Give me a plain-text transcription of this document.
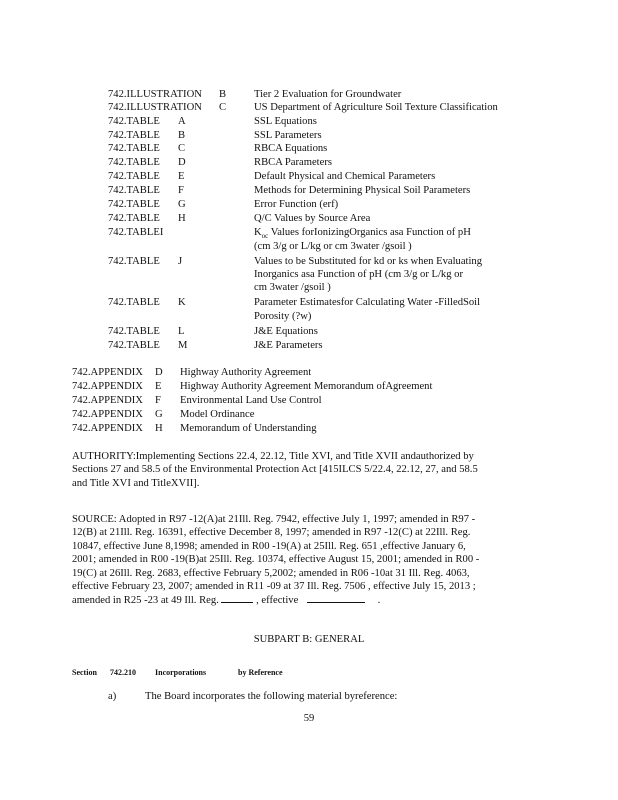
742.ILLUSTRATION B	Tier 2 Evaluation for Groundwater
742.ILLUSTRATION C	US Department of Agriculture Soil Texture Classification
742.TABLE A	SSL Equations
742.TABLE B	SSL Parameters
742.TABLE C	RBCA Equations
742.TABLE D	RBCA Parameters
742.TABLE E	Default Physical and Chemical Parameters
742.TABLE F	Methods for Determining Physical Soil Parameters
742.TABLE G	Error Function (erf)
742.TABLE H	Q/C Values by Source Area
742.TABLEI	$K_{oc}$ Values forIonizingOrganics asa Function of pH
(cm 3/g or L/kg or cm 3water /gsoil )
742.TABLE J	Values to be Substituted for kd or ks when Evaluating
Inorganics asa Function of pH (cm 3/g or L/kg or
cm 3water /gsoil )
742.TABLE K	Parameter Estimatesfor Calculating Water -FilledSoil
Porosity (?w)
742.TABLE L	J&E Equations
742.TABLE M	J&E Parameters
742.APPENDIX D Highway Authority Agreement
742.APPENDIX E Highway Authority Agreement Memorandum ofAgreement
742.APPENDIX F Environmental Land Use Control
742.APPENDIX G Model Ordinance
742.APPENDIX H Memorandum of Understanding
AUTHORITY:Implementing Sections 22.4, 22.12, Title XVI, and Title XVII andauthorized by
Sections 27 and 58.5 of the Environmental Protection Act [415ILCS 5/22.4, 22.12, 27, and 58.5
and Title XVI and TitleXVII].
SOURCE: Adopted in R97 -12(A)at 21Ill. Reg. 7942, effective July 1, 1997; amended in R97 -
12(B) at 21Ill. Reg. 16391, effective December 8, 1997; amended in R97 -12(C) at 22Ill. Reg.
10847, effective June 8,1998; amended in R00 -19(A) at 25Ill. Reg. 651 ,effective January 6,
2001; amended in R00 -19(B)at 25Ill. Reg. 10374, effective August 15, 2001; amended in R00 -
19(C) at 26Ill. Reg. 2683, effective February 5,2002; amended in R06 -10at 31 Ill. Reg. 4063,
effective February 23, 2007; amended in R11 -09 at 37 Ill. Reg. 7506 , effective July 15, 2013 ;
amended in R25 -23 at 49 Ill. Reg.	, effective	.
SUBPART B: GENERAL
Section 742.210 Incorporations	by Reference
a)	The Board incorporates the following material byreference:
59
